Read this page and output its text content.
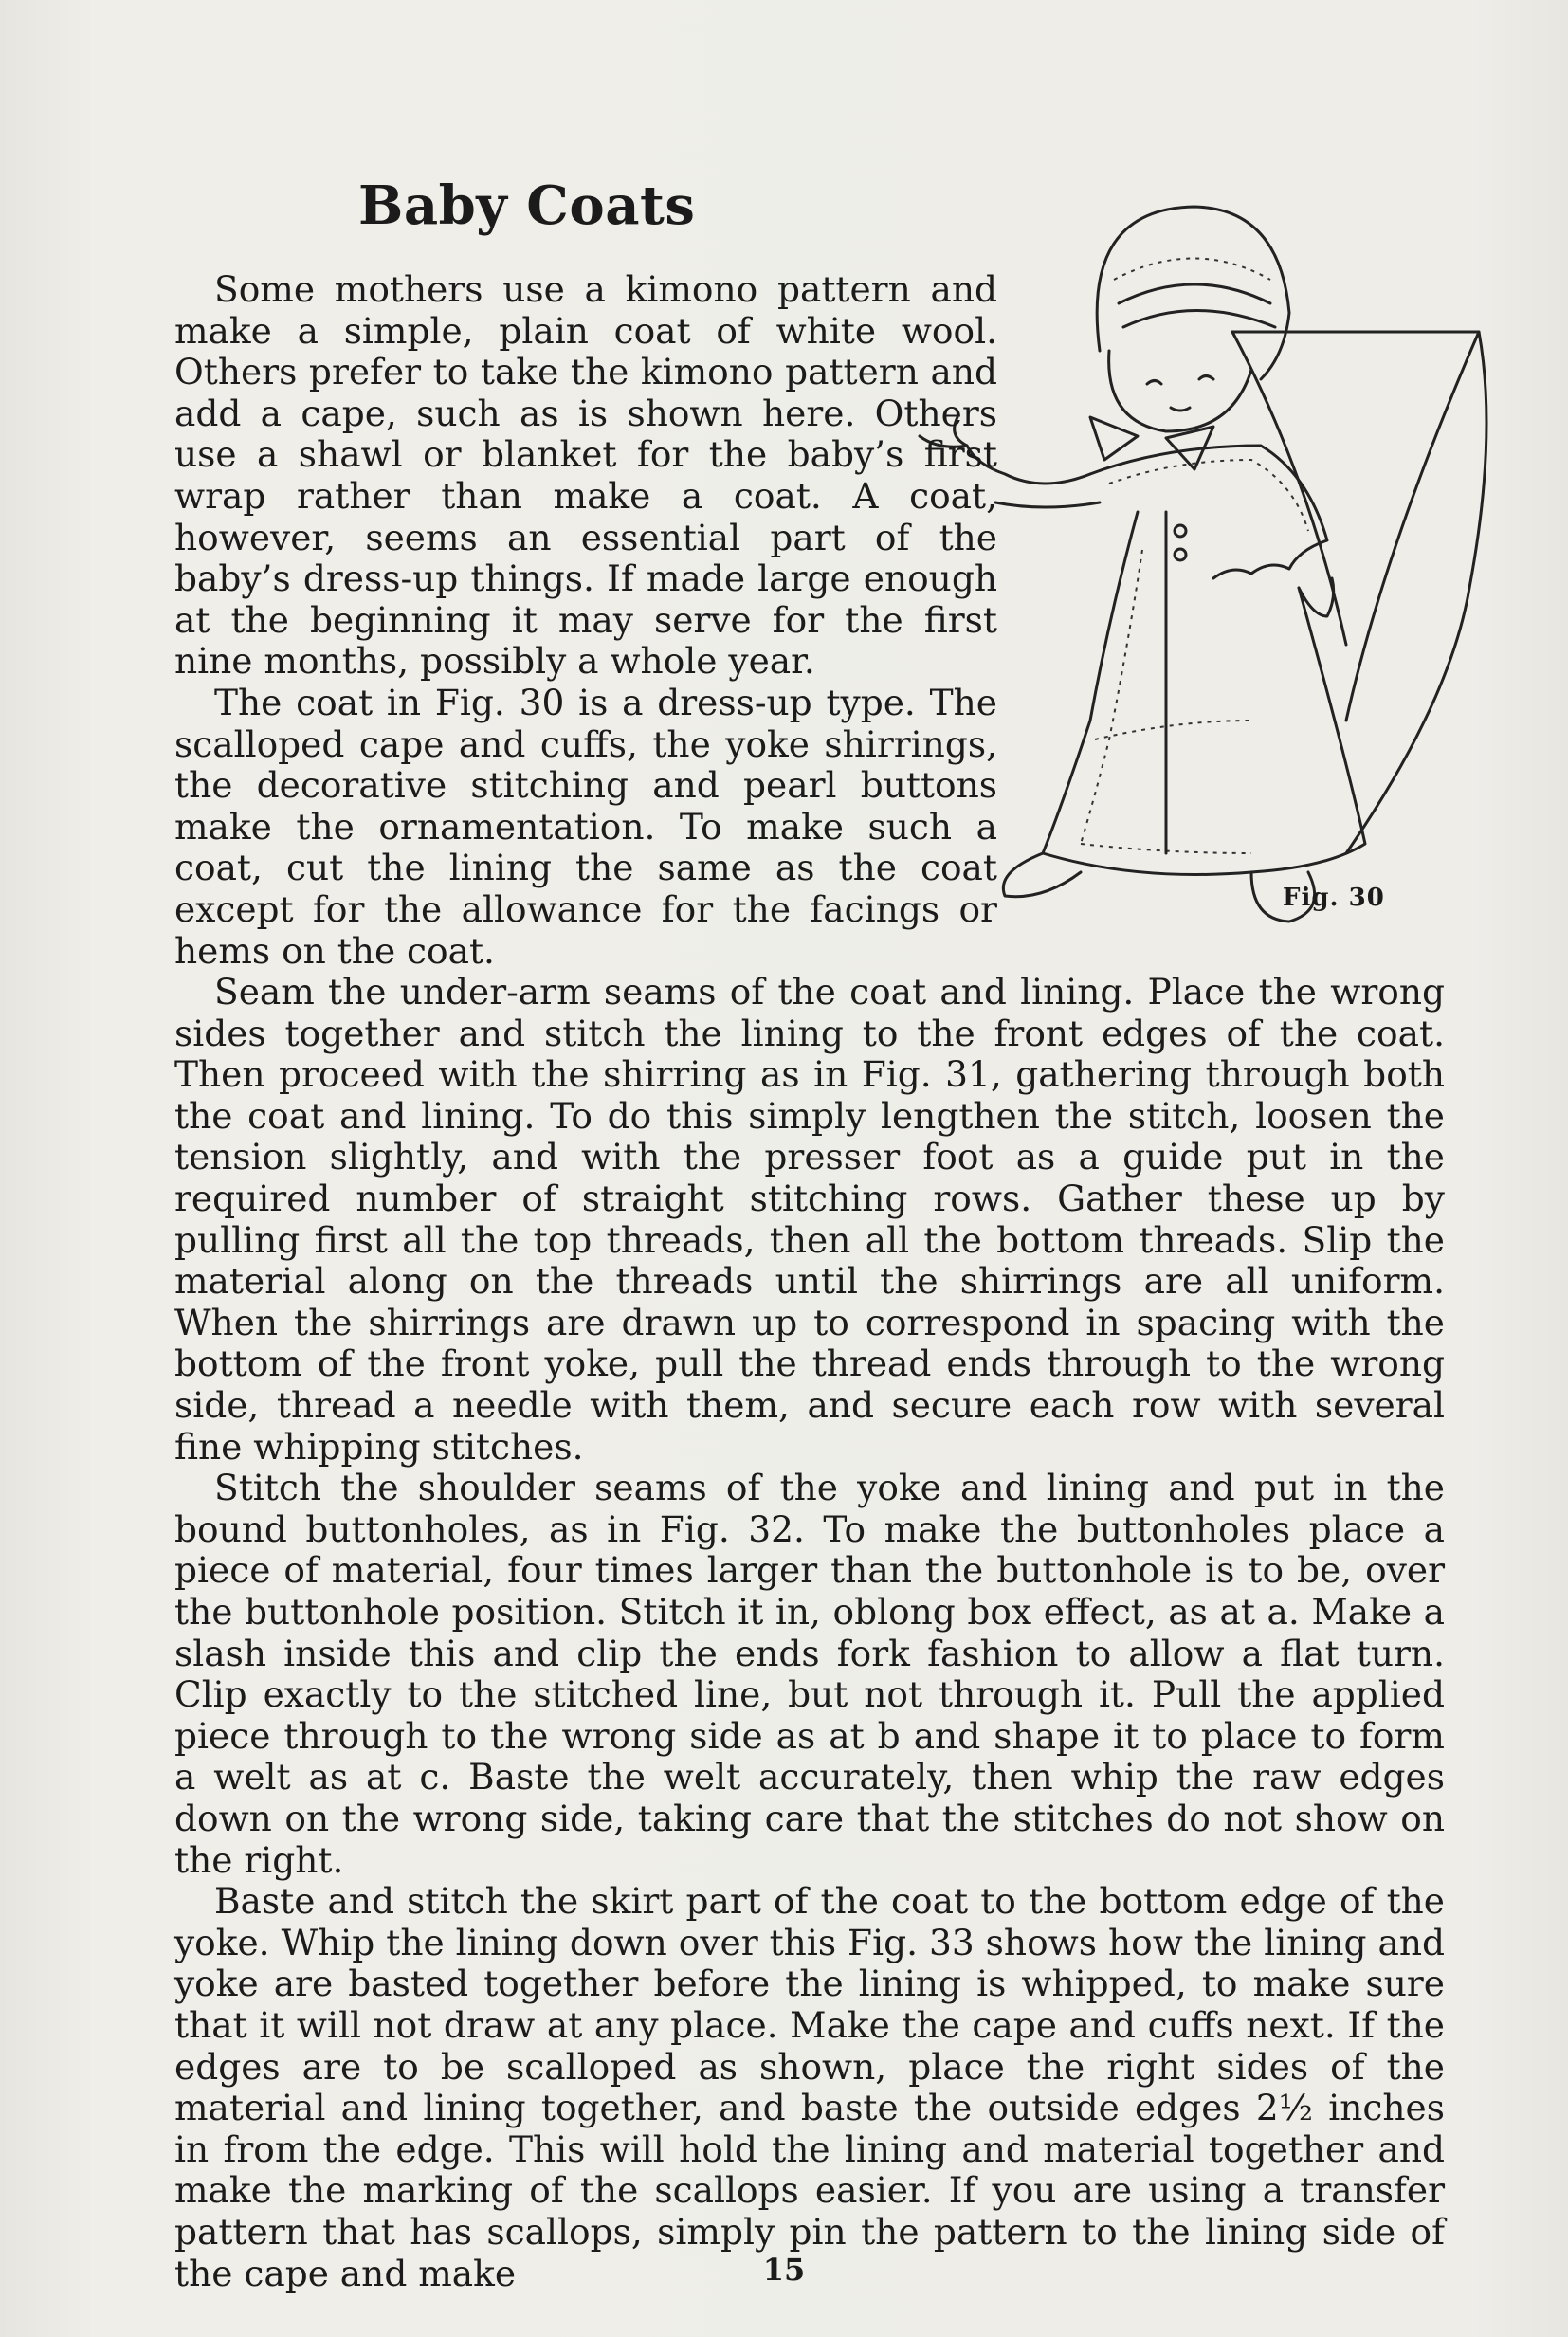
Baby Coats
Fig. 30

Some mothers use a kimono pattern and make a simple, plain coat of white wool. Others prefer to take the kimono pattern and add a cape, such as is shown here. Others use a shawl or blanket for the baby’s first wrap rather than make a coat. A coat, however, seems an essential part of the baby’s dress-up things. If made large enough at the beginning it may serve for the first nine months, possibly a whole year.

The coat in Fig. 30 is a dress-up type. The scalloped cape and cuffs, the yoke shirrings, the decorative stitching and pearl buttons make the ornamentation. To make such a coat, cut the lining the same as the coat except for the allowance for the facings or hems on the coat.

Seam the under-arm seams of the coat and lining. Place the wrong sides together and stitch the lining to the front edges of the coat. Then proceed with the shirring as in Fig. 31, gathering through both the coat and lining. To do this simply lengthen the stitch, loosen the tension slightly, and with the presser foot as a guide put in the required number of straight stitching rows. Gather these up by pulling first all the top threads, then all the bottom threads. Slip the material along on the threads until the shirrings are all uniform. When the shirrings are drawn up to correspond in spacing with the bottom of the front yoke, pull the thread ends through to the wrong side, thread a needle with them, and secure each row with several fine whipping stitches.

Stitch the shoulder seams of the yoke and lining and put in the bound buttonholes, as in Fig. 32. To make the buttonholes place a piece of material, four times larger than the buttonhole is to be, over the buttonhole position. Stitch it in, oblong box effect, as at a. Make a slash inside this and clip the ends fork fashion to allow a flat turn. Clip exactly to the stitched line, but not through it. Pull the applied piece through to the wrong side as at b and shape it to place to form a welt as at c. Baste the welt accurately, then whip the raw edges down on the wrong side, taking care that the stitches do not show on the right.

Baste and stitch the skirt part of the coat to the bottom edge of the yoke. Whip the lining down over this Fig. 33 shows how the lining and yoke are basted together before the lining is whipped, to make sure that it will not draw at any place. Make the cape and cuffs next. If the edges are to be scalloped as shown, place the right sides of the material and lining together, and baste the outside edges 2½ inches in from the edge. This will hold the lining and material together and make the marking of the scallops easier. If you are using a transfer pattern that has scallops, simply pin the pattern to the lining side of the cape and make	15
